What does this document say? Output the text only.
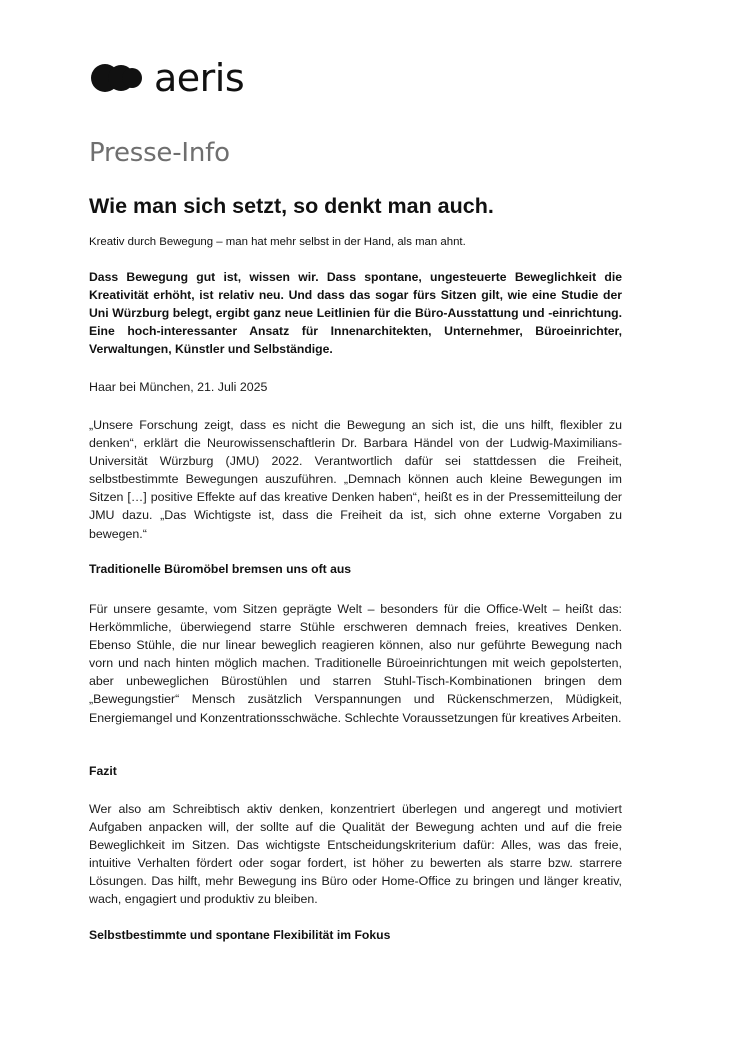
aeris
Presse-Info
Wie man sich setzt, so denkt man auch.
Kreativ durch Bewegung – man hat mehr selbst in der Hand, als man ahnt.

Dass Bewegung gut ist, wissen wir. Dass spontane, ungesteuerte Beweglichkeit die Kreativität erhöht, ist relativ neu. Und dass das sogar fürs Sitzen gilt, wie eine Studie der Uni Würzburg belegt, ergibt ganz neue Leitlinien für die Büro-Ausstattung und -einrichtung. Eine hoch-interessanter Ansatz für Innenarchitekten, Unternehmer, Büroeinrichter, Verwaltungen, Künstler und Selbständige.

Haar bei München, 21. Juli 2025

„Unsere Forschung zeigt, dass es nicht die Bewegung an sich ist, die uns hilft, flexibler zu denken“, erklärt die Neurowissenschaftlerin Dr. Barbara Händel von der Ludwig-Maximilians-Universität Würzburg (JMU) 2022. Verantwortlich dafür sei stattdessen die Freiheit, selbstbestimmte Bewegungen auszuführen. „Demnach können auch kleine Bewegungen im Sitzen […] positive Effekte auf das kreative Denken haben“, heißt es in der Pressemitteilung der JMU dazu. „Das Wichtigste ist, dass die Freiheit da ist, sich ohne externe Vorgaben zu bewegen.“

Traditionelle Büromöbel bremsen uns oft aus

Für unsere gesamte, vom Sitzen geprägte Welt – besonders für die Office-Welt – heißt das: Herkömmliche, überwiegend starre Stühle erschweren demnach freies, kreatives Denken. Ebenso Stühle, die nur linear beweglich reagieren können, also nur geführte Bewegung nach vorn und nach hinten möglich machen. Traditionelle Büroeinrichtungen mit weich gepolsterten, aber unbeweglichen Bürostühlen und starren Stuhl-Tisch-Kombinationen bringen dem „Bewegungstier“ Mensch zusätzlich Verspannungen und Rückenschmerzen, Müdigkeit, Energiemangel und Konzentrationsschwäche. Schlechte Voraussetzungen für kreatives Arbeiten.

Fazit

Wer also am Schreibtisch aktiv denken, konzentriert überlegen und angeregt und motiviert Aufgaben anpacken will, der sollte auf die Qualität der Bewegung achten und auf die freie Beweglichkeit im Sitzen. Das wichtigste Entscheidungskriterium dafür: Alles, was das freie, intuitive Verhalten fördert oder sogar fordert, ist höher zu bewerten als starre bzw. starrere Lösungen. Das hilft, mehr Bewegung ins Büro oder Home-Office zu bringen und länger kreativ, wach, engagiert und produktiv zu bleiben.

Selbstbestimmte und spontane Flexibilität im Fokus
